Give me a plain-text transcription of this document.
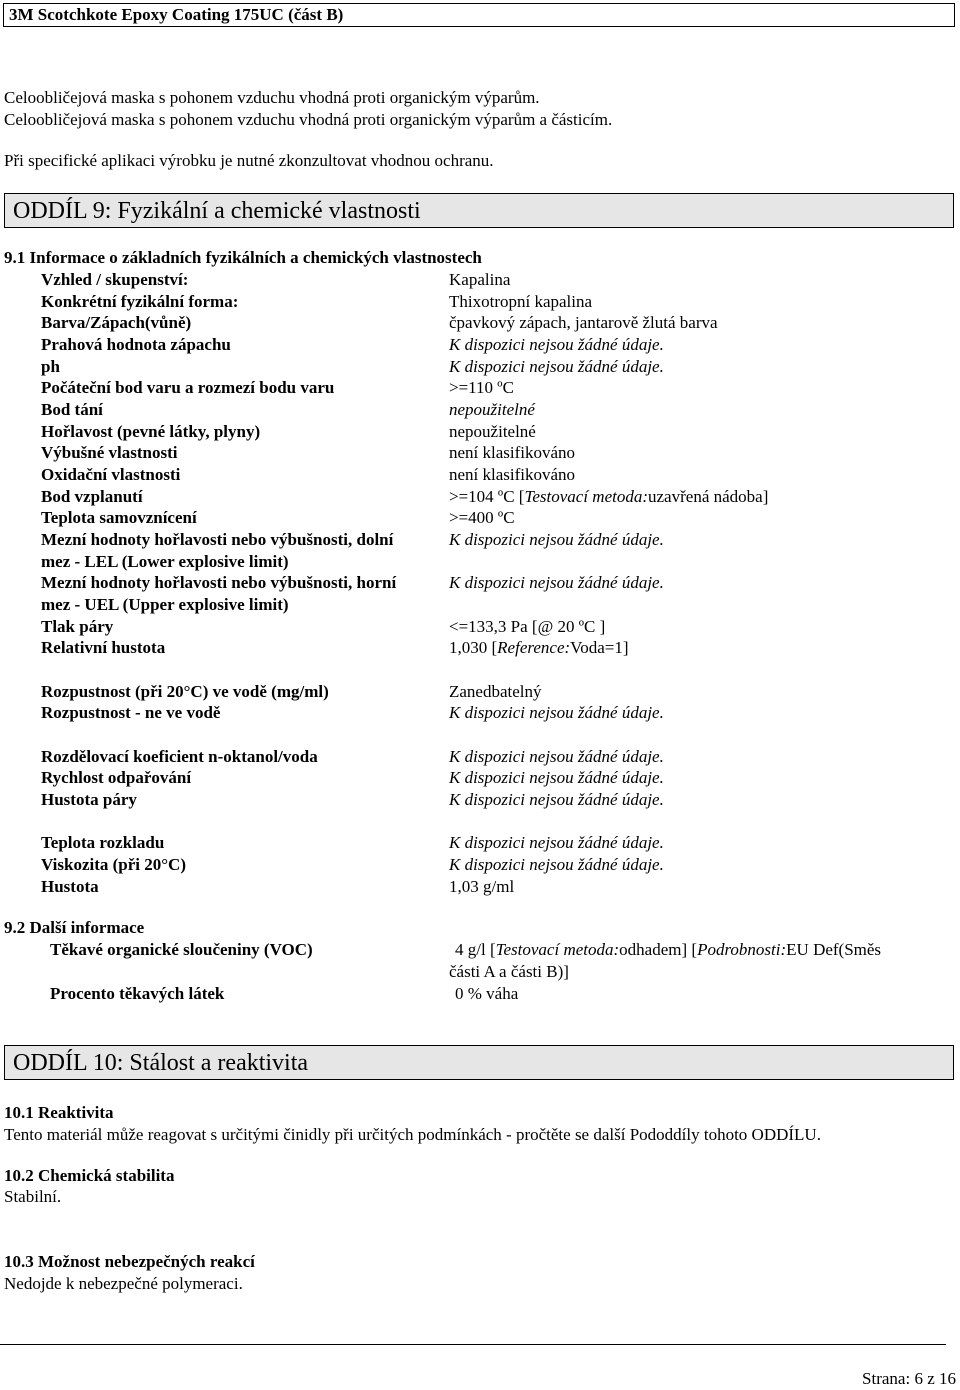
3M Scotchkote Epoxy Coating 175UC (část B)
Celoobličejová maska s pohonem vzduchu vhodná proti organickým výparům.
Celoobličejová maska s pohonem vzduchu vhodná proti organickým výparům a částicím.
Při specifické aplikaci výrobku je nutné zkonzultovat vhodnou ochranu.
ODDÍL 9: Fyzikální a chemické vlastnosti
9.1 Informace o základních fyzikálních a chemických vlastnostech
Vzhled / skupenství:	Kapalina
Konkrétní fyzikální forma:	Thixotropní kapalina
Barva/Zápach(vůně)	čpavkový zápach, jantarově žlutá barva
Prahová hodnota zápachu	K dispozici nejsou žádné údaje.
ph	K dispozici nejsou žádné údaje.
Počáteční bod varu a rozmezí bodu varu	>=110 ºC
Bod tání	nepoužitelné
Hořlavost (pevné látky, plyny)	nepoužitelné
Výbušné vlastnosti	není klasifikováno
Oxidační vlastnosti	není klasifikováno
Bod vzplanutí	>=104 ºC [Testovací metoda:uzavřená nádoba]
Teplota samovznícení	>=400 ºC
Mezní hodnoty hořlavosti nebo výbušnosti, dolní
mez - LEL (Lower explosive limit)
K dispozici nejsou žádné údaje.
Mezní hodnoty hořlavosti nebo výbušnosti, horní
mez - UEL (Upper explosive limit)
K dispozici nejsou žádné údaje.
Tlak páry	<=133,3 Pa [@ 20 ºC ]
Relativní hustota	1,030 [Reference:Voda=1]
Rozpustnost (při 20°C) ve vodě (mg/ml)	Zanedbatelný
Rozpustnost - ne ve vodě	K dispozici nejsou žádné údaje.
Rozdělovací koeficient n-oktanol/voda	K dispozici nejsou žádné údaje.
Rychlost odpařování	K dispozici nejsou žádné údaje.
Hustota páry	K dispozici nejsou žádné údaje.
Teplota rozkladu	K dispozici nejsou žádné údaje.
Viskozita (při 20°C)	K dispozici nejsou žádné údaje.
Hustota	1,03 g/ml
9.2 Další informace
Těkavé organické sloučeniny (VOC)	4 g/l [Testovací metoda:odhadem] [Podrobnosti:EU Def(Směs
části A a části B)]
Procento těkavých látek	0 % váha
ODDÍL 10: Stálost a reaktivita
10.1 Reaktivita
Tento materiál může reagovat s určitými činidly při určitých podmínkách - pročtěte se další Pododdíly tohoto ODDÍLU.
10.2 Chemická stabilita
Stabilní.
10.3 Možnost nebezpečných reakcí
Nedojde k nebezpečné polymeraci.
Strana: 6 z 16
